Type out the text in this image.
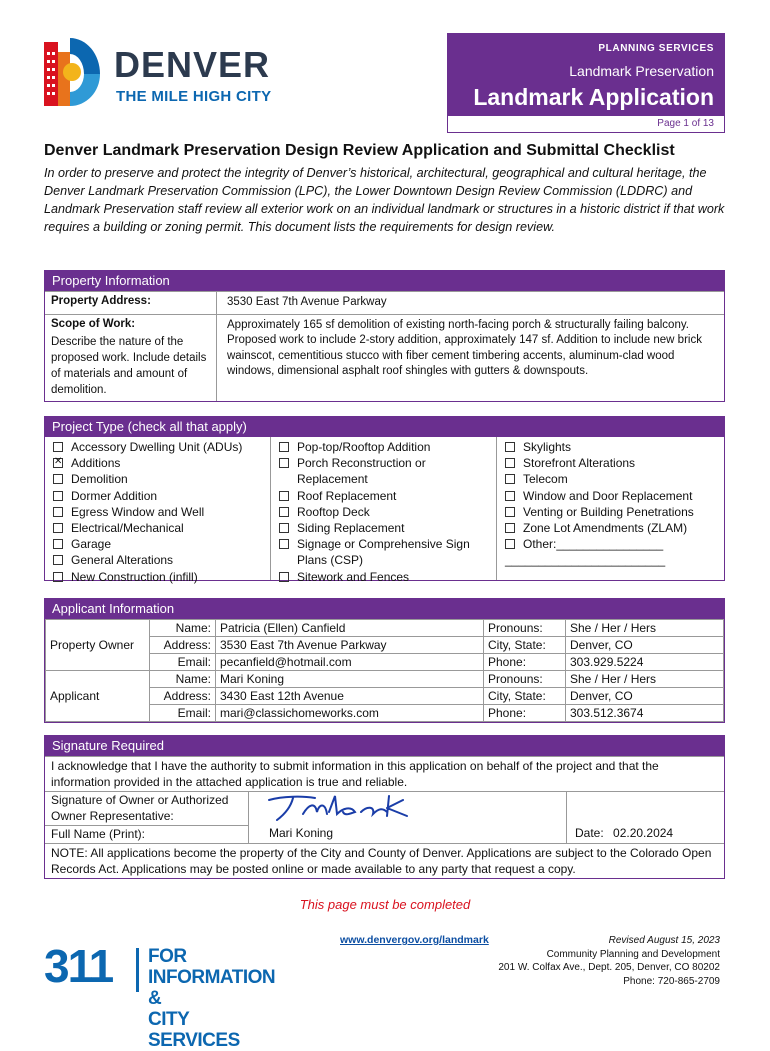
DENVER
THE MILE HIGH CITY
PLANNING SERVICES
Landmark Preservation
Landmark Application
Page 1 of 13
Denver Landmark Preservation Design Review Application and Submittal Checklist
In order to preserve and protect the integrity of Denver’s historical, architectural, geographical and cultural heritage, the Denver Landmark Preservation Commission (LPC), the Lower Downtown Design Review Commission (LDDRC) and Landmark Preservation staff review all exterior work on an individual landmark or structures in a historic district if that work requires a building or zoning permit. This document lists the requirements for design review.
Property Information
Property Address:	3530 East 7th Avenue Parkway
Scope of Work:
Describe the nature of the proposed work. Include details of materials and amount of demolition.
Approximately 165 sf demolition of existing north-facing porch & structurally failing balcony. Proposed work to include 2-story addition, approximately 147 sf. Addition to include new brick wainscot, cementitious stucco with fiber cement timbering accents, aluminum-clad wood windows, dimensional asphalt roof shingles with gutters & downspouts.
Project Type (check all that apply)
Accessory Dwelling Unit (ADUs)
✕Additions
Demolition
Dormer Addition
Egress Window and Well
Electrical/Mechanical
Garage
General Alterations
New Construction (infill)
Pop-top/Rooftop Addition
Porch Reconstruction or
Replacement
Roof Replacement
Rooftop Deck
Siding Replacement
Signage or Comprehensive Sign
Plans (CSP)
Sitework and Fences
Skylights
Storefront Alterations
Telecom
Window and Door Replacement
Venting or Building Penetrations
Zone Lot Amendments (ZLAM)
Other:________________
________________________
Applicant Information
Property Owner	Name:	Patricia (Ellen) Canfield	Pronouns:	She / Her / Hers
	Address:	3530 East 7th Avenue Parkway	City, State:	Denver, CO
	Email:	pecanfield@hotmail.com	Phone:	303.929.5224
Applicant	Name:	Mari Koning	Pronouns:	She / Her / Hers
	Address:	3430 East 12th Avenue	City, State:	Denver, CO
	Email:	mari@classichomeworks.com	Phone:	303.512.3674
Signature Required
I acknowledge that I have the authority to submit information in this application on behalf of the project and that the information provided in the attached application is true and reliable.
Signature of Owner or Authorized Owner Representative:
Full Name (Print):	Mari Koning	Date: 02.20.2024
NOTE: All applications become the property of the City and County of Denver. Applications are subject to the Colorado Open Records Act. Applications may be posted online or made available to any party that request a copy.
This page must be completed
311 FOR INFORMATION &
CITY SERVICES
www.denvergov.org/landmark	Revised August 15, 2023
Community Planning and Development
201 W. Colfax Ave., Dept. 205, Denver, CO 80202
Phone: 720-865-2709
